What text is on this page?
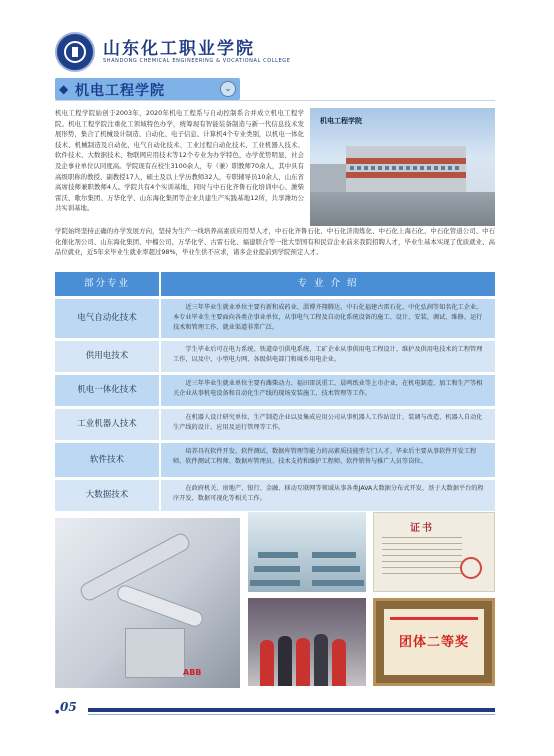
山东化工职业学院
SHANDONG CHEMICAL ENGINEERING & VOCATIONAL COLLEGE
◆ 机电工程学院	⌄

机电工程学院始创于2003年，2020年机电工程系与自动控制系合并成立机电工程学院。机电工程学院注重化工领域特色办学，统筹现有智能装备制造与新一代信息技术发展形势，集合了机械设计制造、自动化、电子信息、计算机4个专业类别，以机电一体化技术、机械制造及自动化、电气自动化技术、工业过程自动化技术、工业机器人技术、软件技术、大数据技术、物联网应用技术等12个专业为办学特色，办学优势明显，社会及企事业单位认同度高。学院现有在校生3100余人，专（兼）职教师70余人，其中具有高级职称的教授、副教授17人，硕士及以上学历教师32人，专职辅导员10余人，山东省高席技师兼职教师4人。学院共有4个实训基地，同时与中石化齐鲁石化培训中心、潍柴雷沃、歌尔集团、万华化学、山东海化集团等企业共建生产实践基地12所，共享潍坊公共实训基地。

机电工程学院

学院始终坚持正确的办学发展方向，坚持为生产一线培养高素质应用型人才，中石化齐鲁石化、中石化济南炼化、中石化上海石化、中石化管道公司、中石化催化剂公司、山东海化集团、中榴公司、万华化学、古雷石化、福建联合等一批大型国有和民营企业前来我院招聘人才，毕业生基本实现了优质就业、高品位就业，近5年来毕业生就业率超过98%，毕业生供不应求，诸多企业提前到学院预定人才。

部分专业	专 业 介 绍
电气自动化技术
近三年毕业生就业单位主要有新和成药业、淄博齐翔腾达、中石化福建古雷石化、中化弘润等知名化工企业。本专业毕业生主要面向各类企事业单位，从事电气工程及自动化系统设备的施工、设计、安装、调试、维修、运行技术和管理工作，就业渠道非常广泛。
供用电技术
学生毕业后可在电力系统、铁道牵引供电系统、工矿企业从事供用电工程设计、维护及供用电技术的工程管理工作，以及中、小型电力网、各级供电部门和城乡用电企业。
机电一体化技术
近三年毕业生就业单位主要有潍柴动力、福田雷沃重工、晨鸣纸业等上市企业，在机电制造、加工和生产等相关企业从事机电设备和自动化生产线的现场安装施工、技术管理等工作。
工业机器人技术
在机器人设计研究单位、生产制造企业以及集成应用公司从事机器人工作站设计、装调与改造、机器人自动化生产线的设计、应用及运行管理等工作。
软件技术
培养具有软件开发、软件测试、数据库管理等能力的高素质技能型专门人才。毕业后主要从事软件开发工程师、软件测试工程师、数据库管理员、技术支持和维护工程师、软件销售与推广人员等岗位。
大数据技术
在政府机关、房地产、银行、金融、移动互联网等领域从事各类JAVA大数据分布式开发、基于大数据平台的程序开发、数据可视化等相关工作。
ABB
证书
团体二等奖
● 05
